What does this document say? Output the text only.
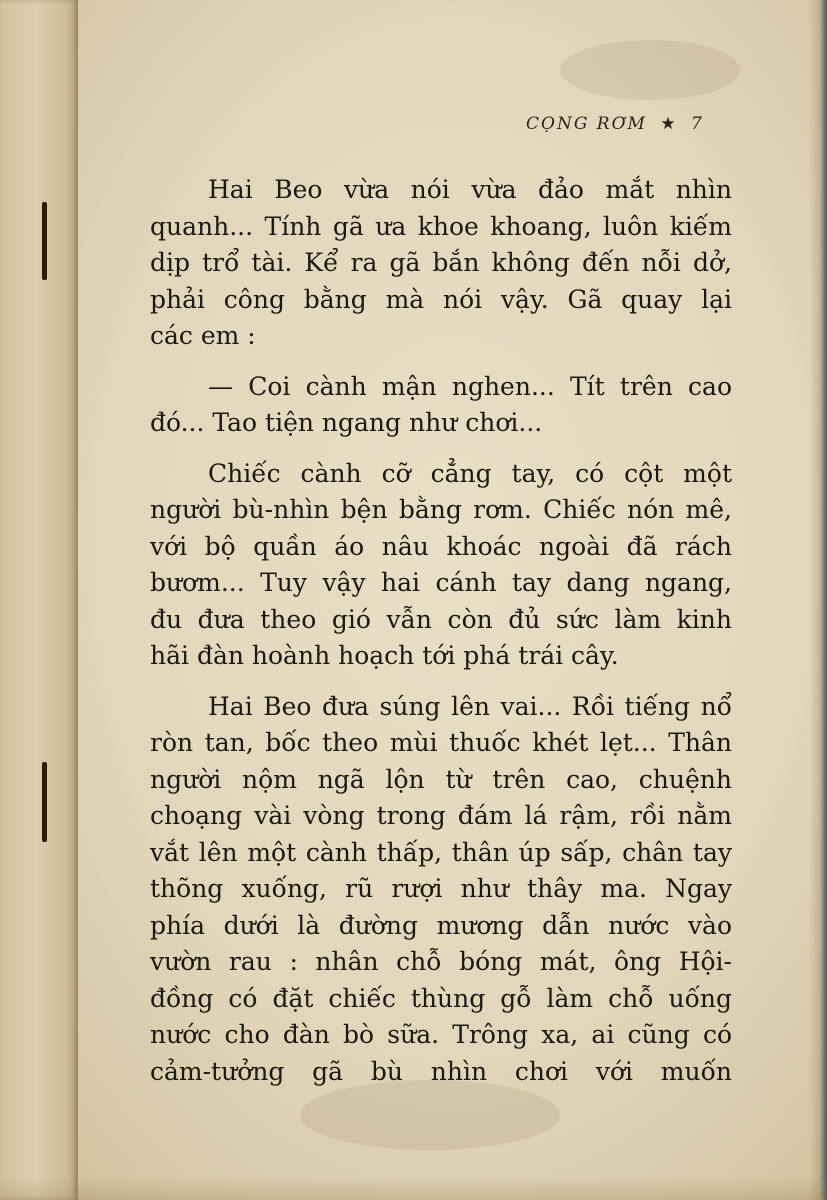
CỌNG RƠM ★ 7
Hai Beo vừa nói vừa đảo mắt nhìn
quanh... Tính gã ưa khoe khoang, luôn kiếm
dịp trổ tài. Kể ra gã bắn không đến nỗi dở,
phải công bằng mà nói vậy. Gã quay lại
các em :
— Coi cành mận nghen... Tít trên cao
đó... Tao tiện ngang như chơi...
Chiếc cành cỡ cẳng tay, có cột một
người bù-nhìn bện bằng rơm. Chiếc nón mê,
với bộ quần áo nâu khoác ngoài đã rách
bươm... Tuy vậy hai cánh tay dang ngang,
đu đưa theo gió vẫn còn đủ sức làm kinh
hãi đàn hoành hoạch tới phá trái cây.
Hai Beo đưa súng lên vai... Rồi tiếng nổ
ròn tan, bốc theo mùi thuốc khét lẹt... Thân
người nộm ngã lộn từ trên cao, chuệnh
choạng vài vòng trong đám lá rậm, rồi nằm
vắt lên một cành thấp, thân úp sấp, chân tay
thõng xuống, rũ rượi như thây ma. Ngay
phía dưới là đường mương dẫn nước vào
vườn rau : nhân chỗ bóng mát, ông Hội-
đồng có đặt chiếc thùng gỗ làm chỗ uống
nước cho đàn bò sữa. Trông xa, ai cũng có
cảm-tưởng gã bù nhìn chơi với muốn
